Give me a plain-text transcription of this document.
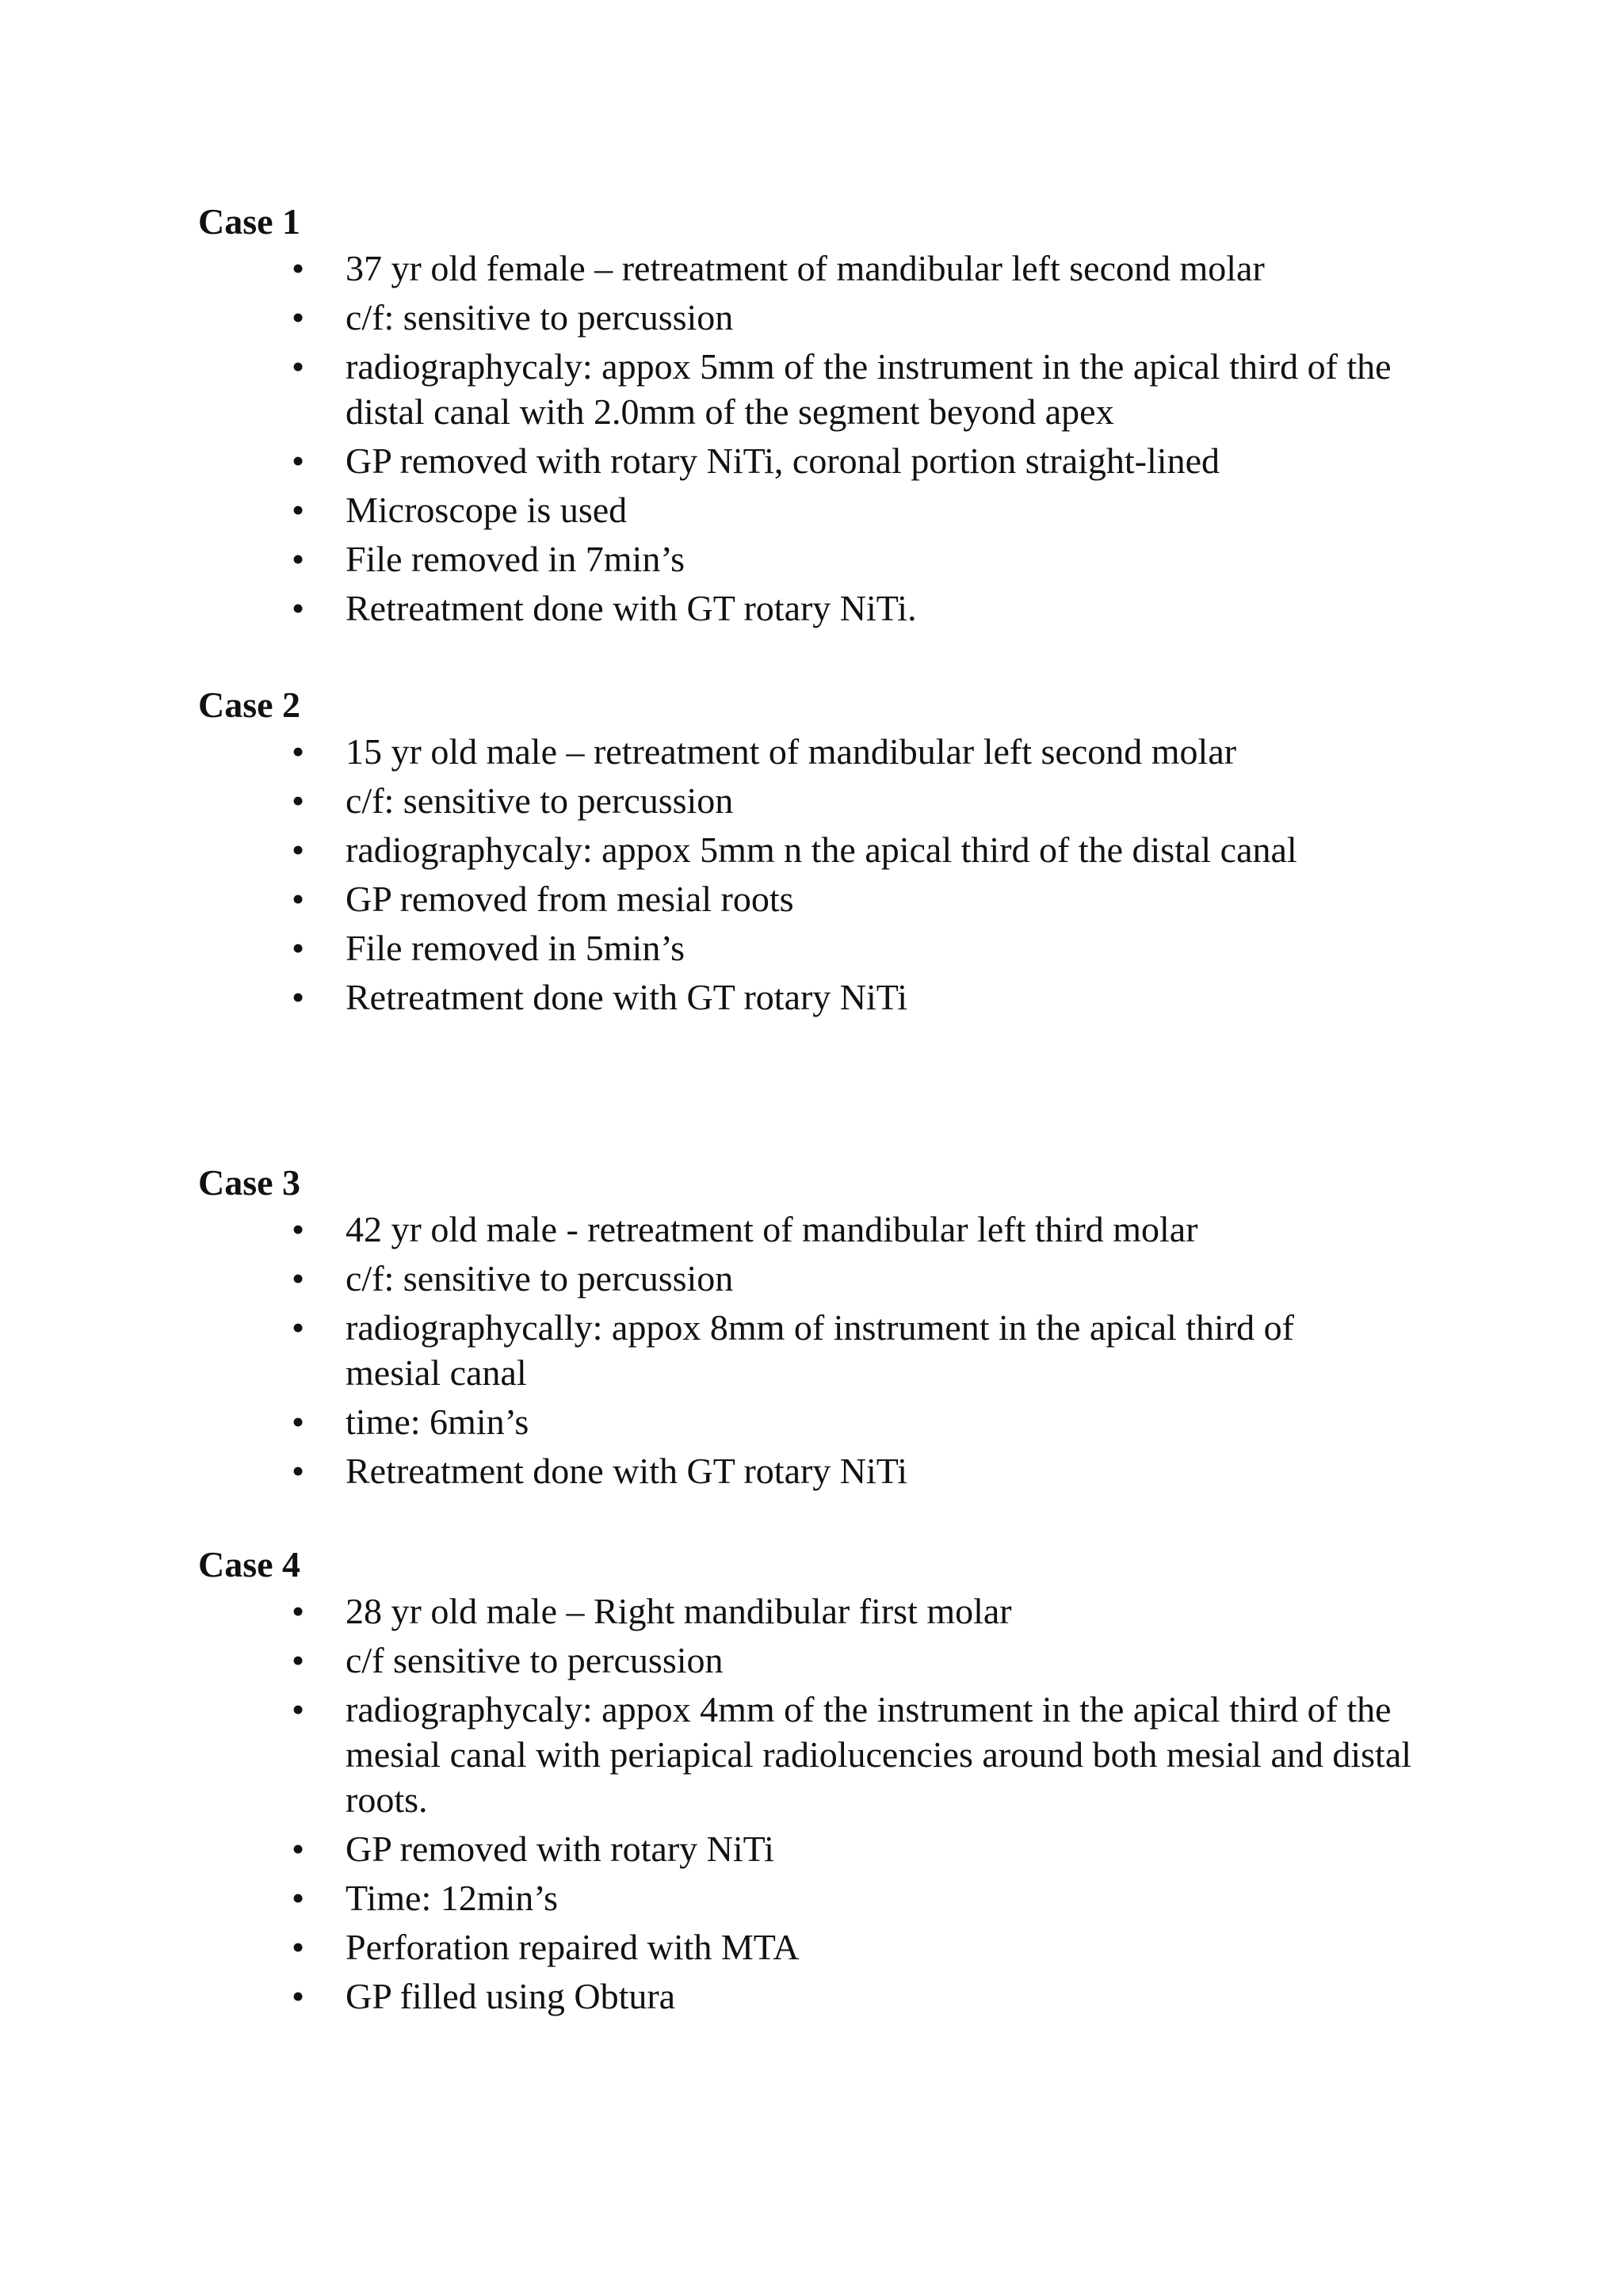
Case 1
• 37 yr old female – retreatment of mandibular left second molar
• c/f: sensitive to percussion
• radiographycaly: appox 5mm of the instrument in the apical third of the distal canal with 2.0mm of the segment beyond apex
• GP removed with rotary NiTi, coronal portion straight-lined
• Microscope is used
• File removed in 7min’s
• Retreatment done with GT rotary NiTi.
Case 2
• 15 yr old male – retreatment of mandibular left second molar
• c/f: sensitive to percussion
• radiographycaly: appox 5mm n the apical third of the distal canal
• GP removed from mesial roots
• File removed in 5min’s
• Retreatment done with GT rotary NiTi
Case 3
• 42 yr old male - retreatment of mandibular left third molar
• c/f: sensitive to percussion
• radiographycally: appox 8mm of instrument in the apical third of mesial canal
• time: 6min’s
• Retreatment done with GT rotary NiTi
Case 4
• 28 yr old male – Right mandibular first molar
• c/f sensitive to percussion
• radiographycaly: appox 4mm of the instrument in the apical third of the mesial canal with periapical radiolucencies around both mesial and distal roots.
• GP removed with rotary NiTi
• Time: 12min’s
• Perforation repaired with MTA
• GP filled using Obtura
